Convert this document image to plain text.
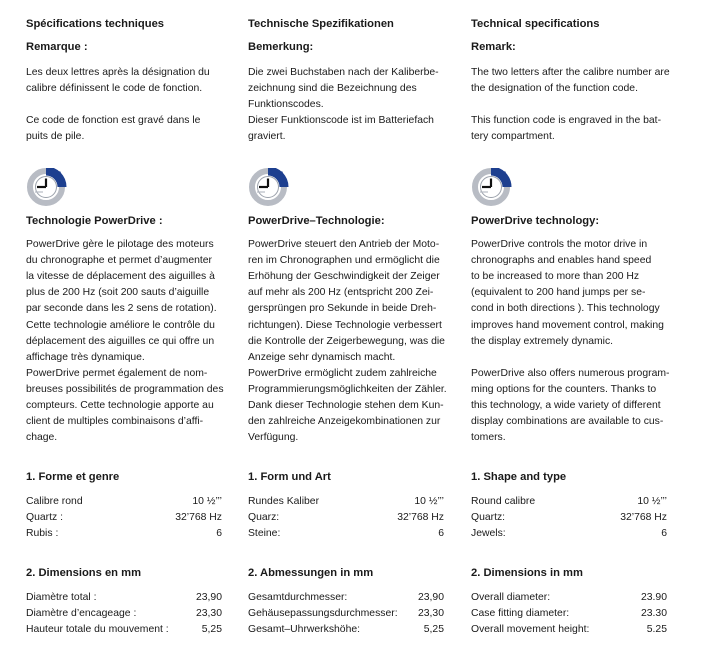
Spécifications techniques
Remarque :
Les deux lettres après la désignation du
calibre définissent le code de fonction.
Ce code de fonction est gravé dans le
puits de pile.
Technologie PowerDrive :
PowerDrive gère le pilotage des moteurs
du chronographe et permet d’augmenter
la vitesse de déplacement des aiguilles à
plus de 200 Hz (soit 200 sauts d’aiguille
par seconde dans les 2 sens de rotation).
Cette technologie améliore le contrôle du
déplacement des aiguilles ce qui offre un
affichage très dynamique.
PowerDrive permet également de nom-
breuses possibilités de programmation des
compteurs. Cette technologie apporte au
client de multiples combinaisons d’affi-
chage.
1. Forme et genre
Calibre rond	10 ½’’’
Quartz :	32’768 Hz
Rubis :	6
2. Dimensions en mm
Diamètre total :	23,90
Diamètre d’encageage :	23,30
Hauteur totale du mouvement :	5,25
Technische Spezifikationen
Bemerkung:
Die zwei Buchstaben nach der Kaliberbe-
zeichnung sind die Bezeichnung des
Funktionscodes.
Dieser Funktionscode ist im Batteriefach
graviert.
PowerDrive–Technologie:
PowerDrive steuert den Antrieb der Moto-
ren im Chronographen und ermöglicht die
Erhöhung der Geschwindigkeit der Zeiger
auf mehr als 200 Hz (entspricht 200 Zei-
gersprüngen pro Sekunde in beide Dreh-
richtungen). Diese Technologie verbessert
die Kontrolle der Zeigerbewegung, was die
Anzeige sehr dynamisch macht.
PowerDrive ermöglicht zudem zahlreiche
Programmierungsmöglichkeiten der Zähler.
Dank dieser Technologie stehen dem Kun-
den zahlreiche Anzeigekombinationen zur
Verfügung.
1. Form und Art
Rundes Kaliber	10 ½’’’
Quarz:	32’768 Hz
Steine:	6
2. Abmessungen in mm
Gesamtdurchmesser:	23,90
Gehäusepassungsdurchmesser: 23,30
Gesamt–Uhrwerkshöhe:	5,25
Technical specifications
Remark:
The two letters after the calibre number are
the designation of the function code.
This function code is engraved in the bat-
tery compartment.
PowerDrive technology:
PowerDrive controls the motor drive in
chronographs and enables hand speed
to be increased to more than 200 Hz
(equivalent to 200 hand jumps per se-
cond in both directions ). This technology
improves hand movement control, making
the display extremely dynamic.
PowerDrive also offers numerous program-
ming options for the counters. Thanks to
this technology, a wide variety of different
display combinations are available to cus-
tomers.
1. Shape and type
Round calibre	10 ½’’’
Quartz:	32’768 Hz
Jewels:	6
2. Dimensions in mm
Overall diameter:	23.90
Case fitting diameter:	23.30
Overall movement height:	5.25
